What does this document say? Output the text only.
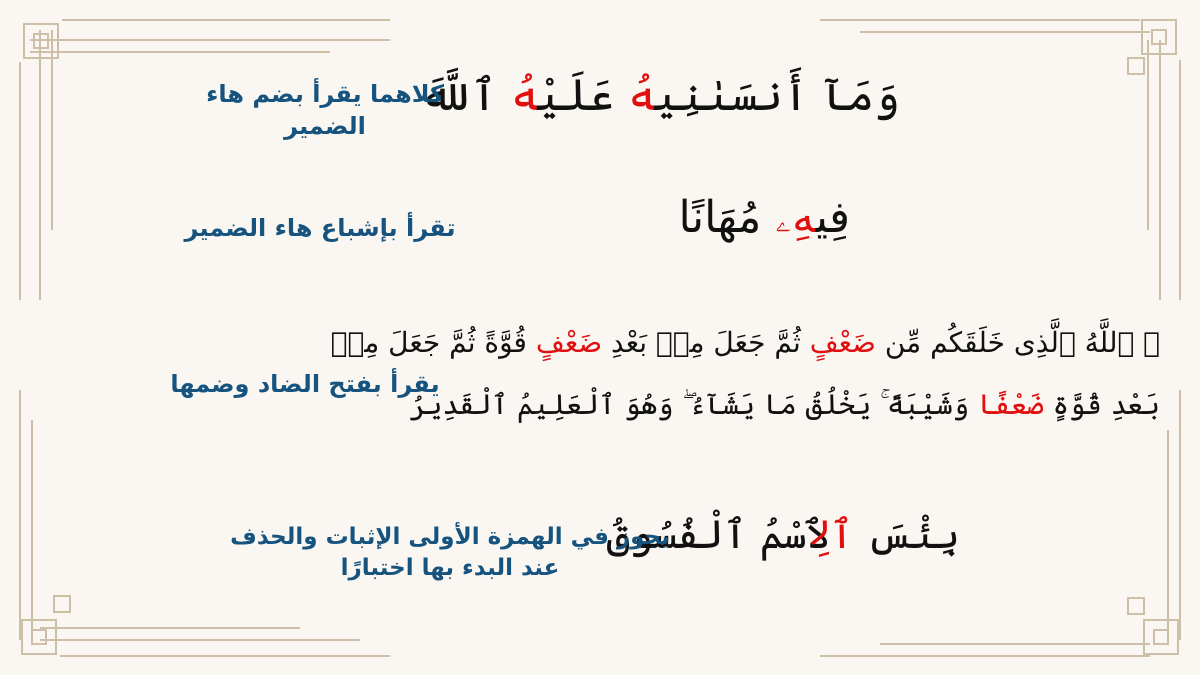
وَمَآ أَنسَىٰنِيهُ عَلَيْهُ ٱللَّهَ
كلاهما يقرأ بضم هاء
الضمير
فِيهِۦ مُهَانًا
تقرأ بإشباع هاء الضمير
۞ ٱللَّهُ ٱلَّذِى خَلَقَكُم مِّن ضَعْفٍ ثُمَّ جَعَلَ مِنۢ بَعْدِ ضَعْفٍ قُوَّةً ثُمَّ جَعَلَ مِنۢ
بَعْدِ قُوَّةٍ ضَعْفًا وَشَيْبَةً ۚ يَخْلُقُ مَا يَشَآءُ ۖ وَهُوَ ٱلْعَلِيمُ ٱلْقَدِيرُ
يقرأ بفتح الضاد وضمها
بِئْسَ ٱلِٱسْمُ ٱلْفُسُوقُ
يجوز في الهمزة الأولى الإثبات والحذف
عند البدء بها اختبارًا
